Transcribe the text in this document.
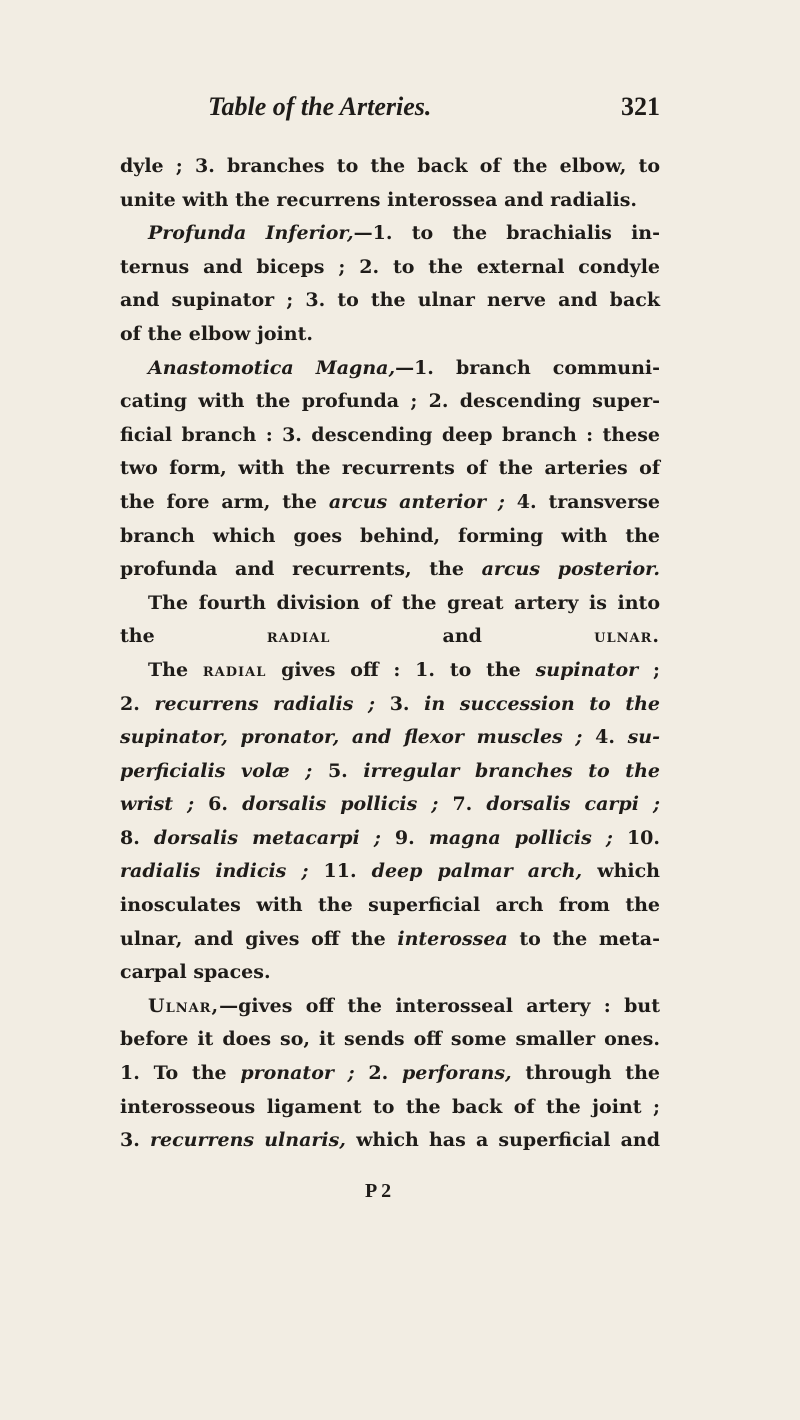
Table of the Arteries.	321
dyle ; 3. branches to the back of the elbow, to
unite with the recurrens interossea and radialis.
Profunda Inferior,—1. to the brachialis in-
ternus and biceps ; 2. to the external condyle
and supinator ; 3. to the ulnar nerve and back
of the elbow joint.
Anastomotica Magna,—1. branch communi-
cating with the profunda ; 2. descending super-
ficial branch : 3. descending deep branch : these
two form, with the recurrents of the arteries of
the fore arm, the arcus anterior ; 4. transverse
branch which goes behind, forming with the
profunda and recurrents, the arcus posterior.
The fourth division of the great artery is into
the radial and ulnar.
The radial gives off : 1. to the supinator ;
2. recurrens radialis ; 3. in succession to the
supinator, pronator, and flexor muscles ; 4. su-
perficialis volæ ; 5. irregular branches to the
wrist ; 6. dorsalis pollicis ; 7. dorsalis carpi ;
8. dorsalis metacarpi ; 9. magna pollicis ; 10.
radialis indicis ; 11. deep palmar arch, which
inosculates with the superficial arch from the
ulnar, and gives off the interossea to the meta-
carpal spaces.
Ulnar,—gives off the interosseal artery : but
before it does so, it sends off some smaller ones.
1. To the pronator ; 2. perforans, through the
interosseous ligament to the back of the joint ;
3. recurrens ulnaris, which has a superficial and
P 2
